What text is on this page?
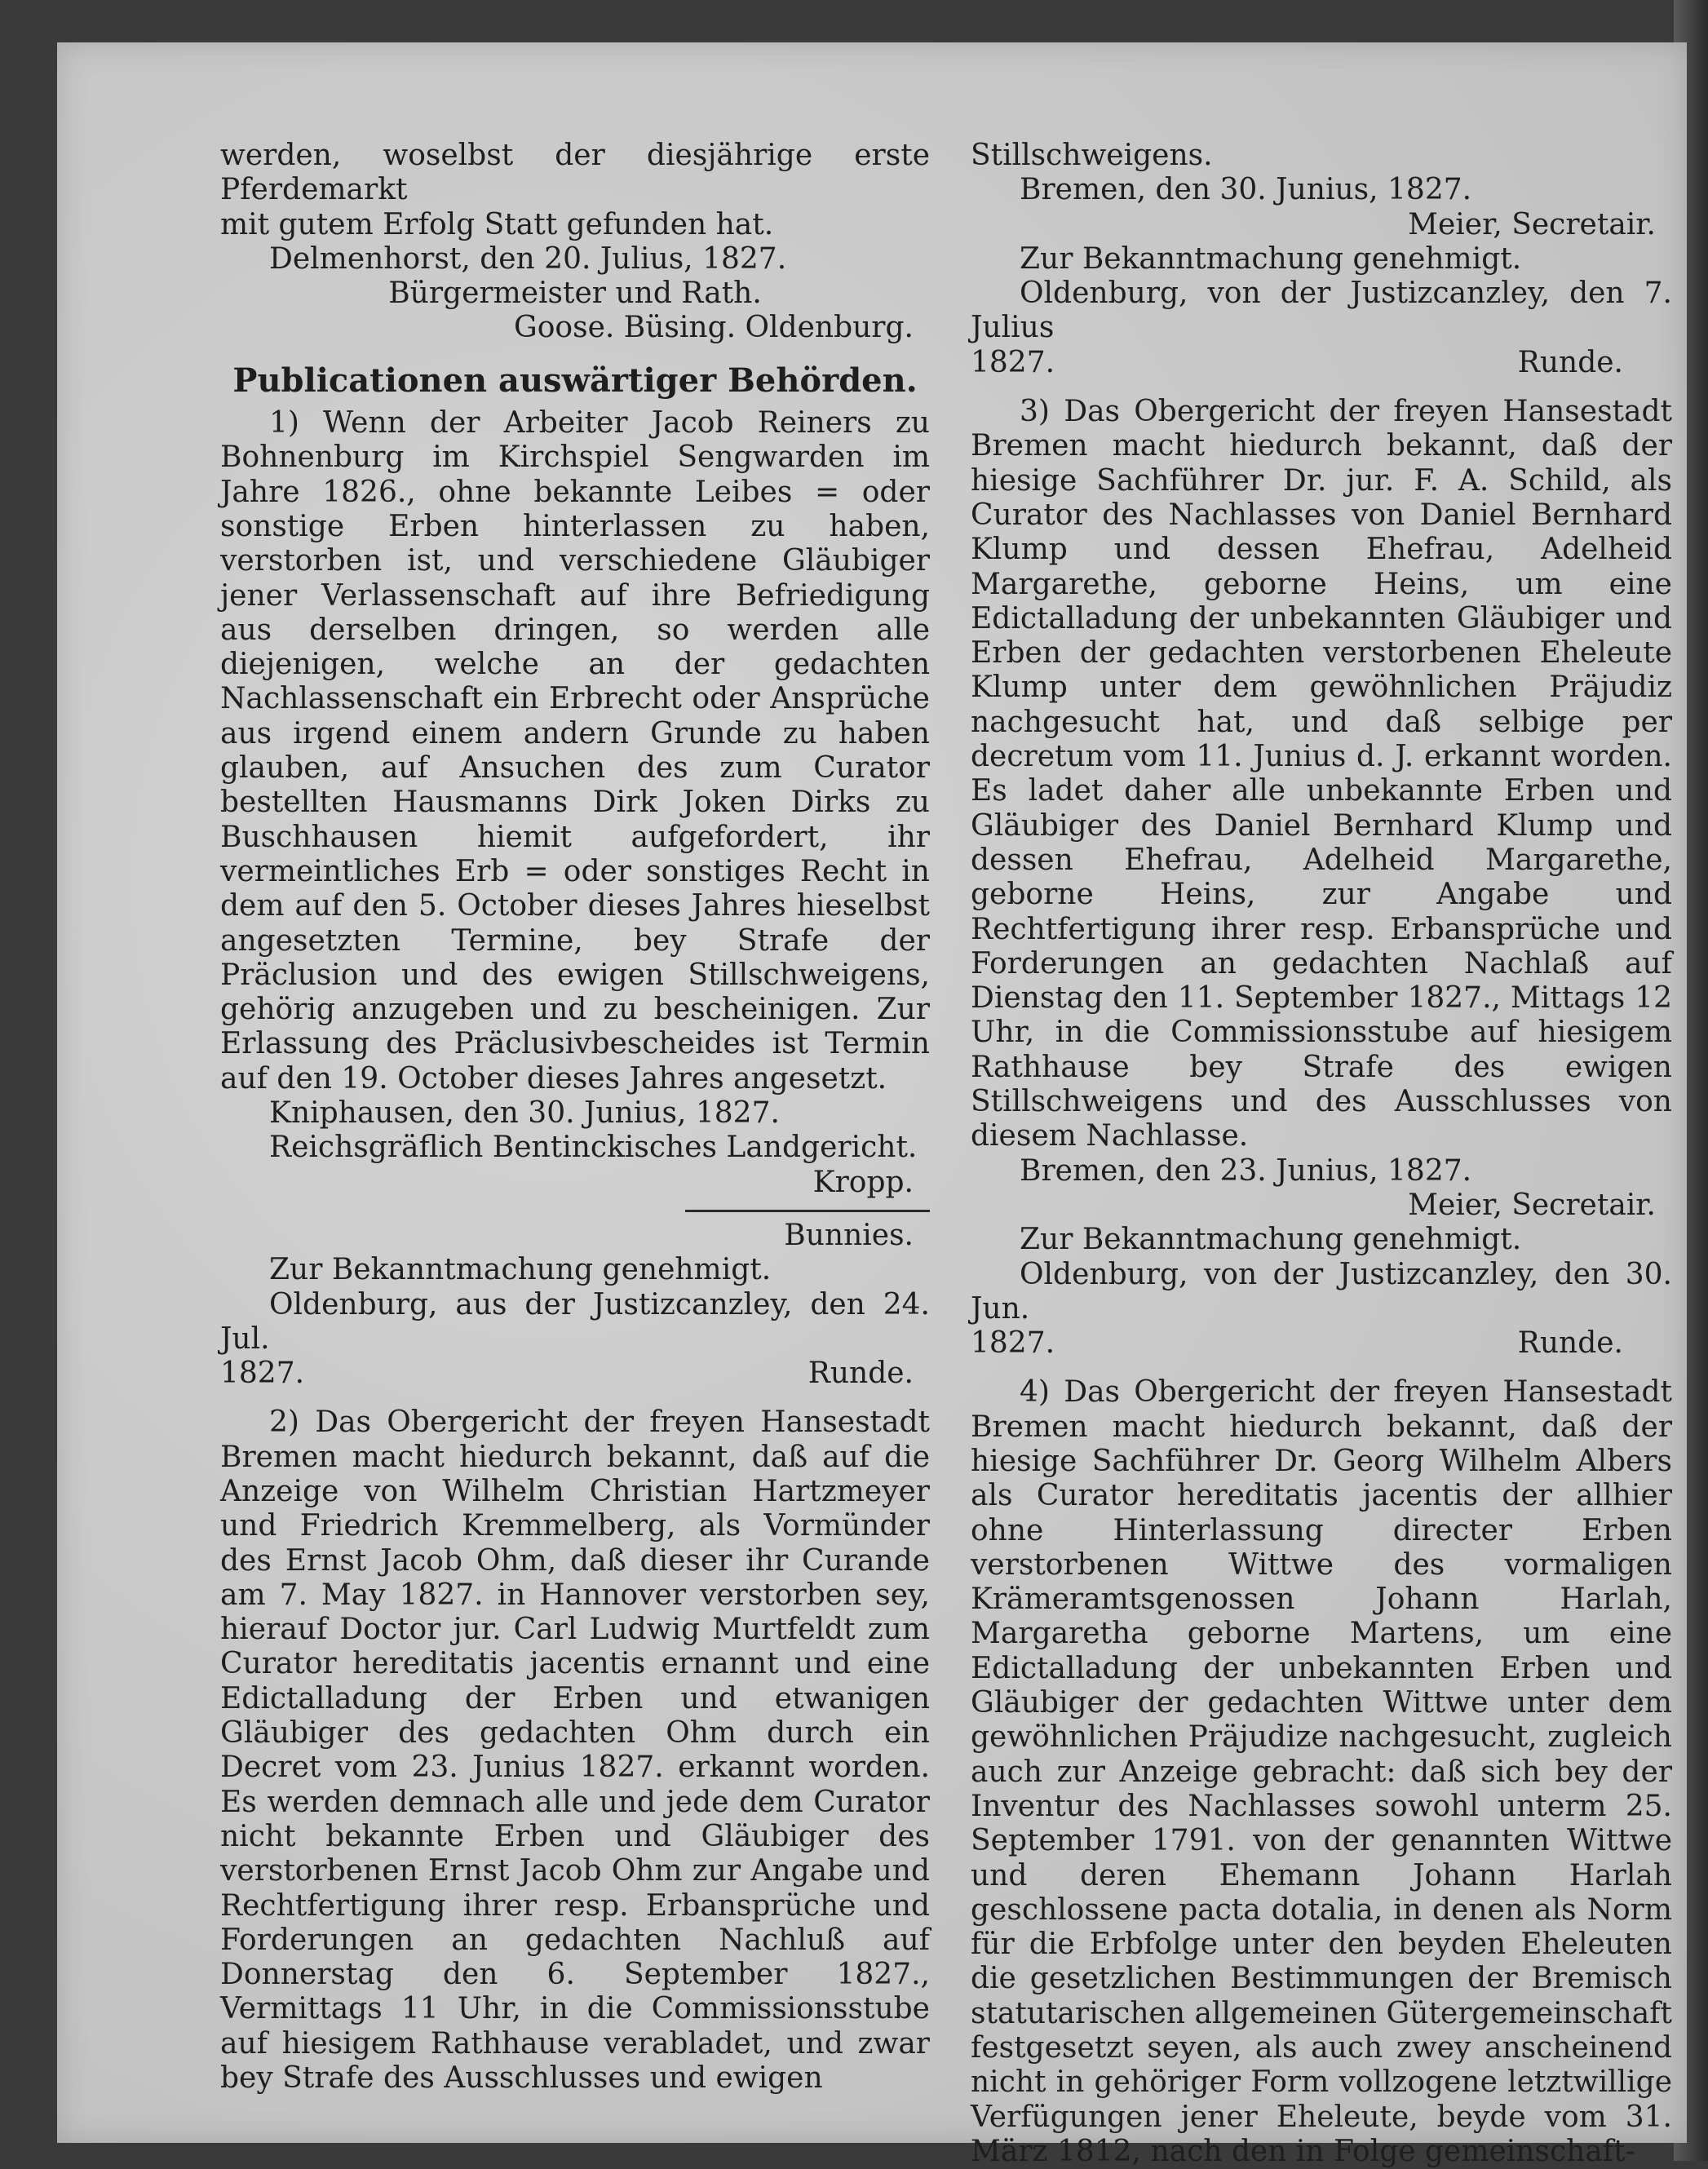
werden, woselbst der diesjährige erste Pferdemarkt

mit gutem Erfolg Statt gefunden hat.

Delmenhorst, den 20. Julius, 1827.

Bürgermeister und Rath.

Goose. Büsing. Oldenburg.

Publicationen auswärtiger Behörden.

1) Wenn der Arbeiter Jacob Reiners zu Bohnenburg im Kirchspiel Sengwarden im Jahre 1826., ohne bekannte Leibes = oder sonstige Erben hinterlassen zu haben, verstorben ist, und verschiedene Gläubiger jener Verlassenschaft auf ihre Befriedigung aus derselben dringen, so werden alle diejenigen, welche an der gedachten Nachlassenschaft ein Erbrecht oder Ansprüche aus irgend einem andern Grunde zu haben glauben, auf Ansuchen des zum Curator bestellten Hausmanns Dirk Joken Dirks zu Buschhausen hiemit aufgefordert, ihr vermeintliches Erb = oder sonstiges Recht in dem auf den 5. October dieses Jahres hieselbst angesetzten Termine, bey Strafe der Präclusion und des ewigen Stillschweigens, gehörig anzugeben und zu bescheinigen. Zur Erlassung des Präclusivbescheides ist Termin auf den 19. October dieses Jahres angesetzt.

Kniphausen, den 30. Junius, 1827.

Reichsgräflich Bentinckisches Landgericht.

Kropp.

Bunnies.

Zur Bekanntmachung genehmigt.

Oldenburg, aus der Justizcanzley, den 24. Jul.

1827.	Runde.

2) Das Obergericht der freyen Hansestadt Bremen macht hiedurch bekannt, daß auf die Anzeige von Wilhelm Christian Hartzmeyer und Friedrich Kremmelberg, als Vormünder des Ernst Jacob Ohm, daß dieser ihr Curande am 7. May 1827. in Hannover verstorben sey, hierauf Doctor jur. Carl Ludwig Murtfeldt zum Curator hereditatis jacentis ernannt und eine Edictalladung der Erben und etwanigen Gläubiger des gedachten Ohm durch ein Decret vom 23. Junius 1827. erkannt worden. Es werden demnach alle und jede dem Curator nicht bekannte Erben und Gläubiger des verstorbenen Ernst Jacob Ohm zur Angabe und Rechtfertigung ihrer resp. Erbansprüche und Forderungen an gedachten Nachluß auf Donnerstag den 6. September 1827., Vermittags 11 Uhr, in die Commissionsstube auf hiesigem Rathhause verabladet, und zwar bey Strafe des Ausschlusses und ewigen

Stillschweigens.

Bremen, den 30. Junius, 1827.

Meier, Secretair.

Zur Bekanntmachung genehmigt.

Oldenburg, von der Justizcanzley, den 7. Julius

1827.	Runde.

3) Das Obergericht der freyen Hansestadt Bremen macht hiedurch bekannt, daß der hiesige Sachführer Dr. jur. F. A. Schild, als Curator des Nachlasses von Daniel Bernhard Klump und dessen Ehefrau, Adelheid Margarethe, geborne Heins, um eine Edictalladung der unbekannten Gläubiger und Erben der gedachten verstorbenen Eheleute Klump unter dem gewöhnlichen Präjudiz nachgesucht hat, und daß selbige per decretum vom 11. Junius d. J. erkannt worden. Es ladet daher alle unbekannte Erben und Gläubiger des Daniel Bernhard Klump und dessen Ehefrau, Adelheid Margarethe, geborne Heins, zur Angabe und Rechtfertigung ihrer resp. Erbansprüche und Forderungen an gedachten Nachlaß auf Dienstag den 11. September 1827., Mittags 12 Uhr, in die Commissionsstube auf hiesigem Rathhause bey Strafe des ewigen Stillschweigens und des Ausschlusses von diesem Nachlasse.

Bremen, den 23. Junius, 1827.

Meier, Secretair.

Zur Bekanntmachung genehmigt.

Oldenburg, von der Justizcanzley, den 30. Jun.

1827.	Runde.

4) Das Obergericht der freyen Hansestadt Bremen macht hiedurch bekannt, daß der hiesige Sachführer Dr. Georg Wilhelm Albers als Curator hereditatis jacentis der allhier ohne Hinterlassung directer Erben verstorbenen Wittwe des vormaligen Krämeramtsgenossen Johann Harlah, Margaretha geborne Martens, um eine Edictalladung der unbekannten Erben und Gläubiger der gedachten Wittwe unter dem gewöhnlichen Präjudize nachgesucht, zugleich auch zur Anzeige gebracht: daß sich bey der Inventur des Nachlasses sowohl unterm 25. September 1791. von der genannten Wittwe und deren Ehemann Johann Harlah geschlossene pacta dotalia, in denen als Norm für die Erbfolge unter den beyden Eheleuten die gesetzlichen Bestimmungen der Bremisch statutarischen allgemeinen Gütergemeinschaft festgesetzt seyen, als auch zwey anscheinend nicht in gehöriger Form vollzogene letztwillige Verfügungen jener Eheleute, beyde vom 31. März 1812, nach den in Folge gemeinschaft-
